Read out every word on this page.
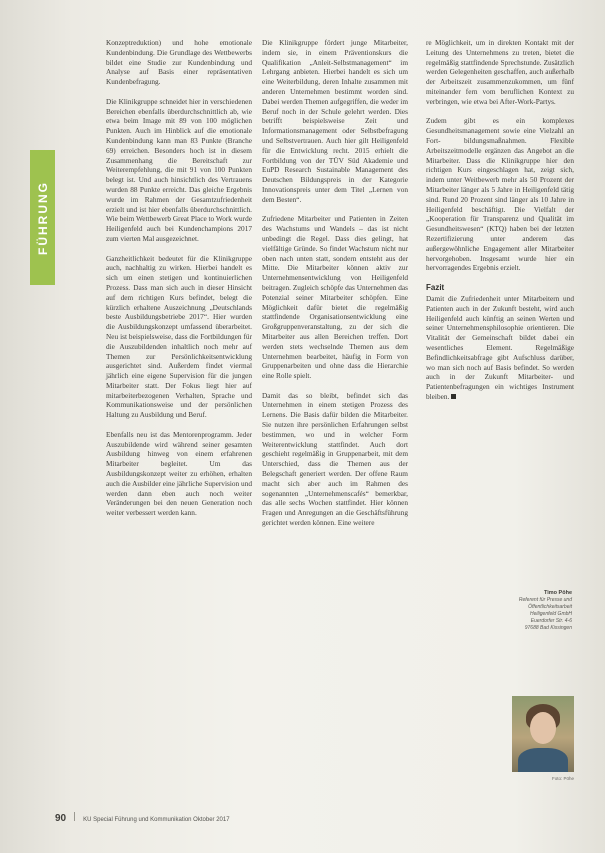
FÜHRUNG

Konzeptreduktion) und hohe emotionale Kundenbindung. Die Grundlage des Wettbewerbs bildet eine Studie zur Kundenbindung und Analyse auf Basis einer repräsentativen Kundenbefragung.

Die Klinikgruppe schneidet hier in verschiedenen Bereichen ebenfalls überdurchschnittlich ab, wie etwa beim Image mit 89 von 100 möglichen Punkten. Auch im Hinblick auf die emotionale Kundenbindung kann man 83 Punkte (Branche 69) erreichen. Besonders hoch ist in diesem Zusammenhang die Bereitschaft zur Weiterempfehlung, die mit 91 von 100 Punkten belegt ist. Und auch hinsichtlich des Vertrauens wurden 88 Punkte erreicht. Das gleiche Ergebnis wurde im Rahmen der Gesamtzufriedenheit erzielt und ist hier ebenfalls überdurchschnittlich. Wie beim Wettbewerb Great Place to Work wurde Heiligenfeld auch bei Kundenchampions 2017 zum vierten Mal ausgezeichnet.

Ganzheitlichkeit bedeutet für die Klinikgruppe auch, nachhaltig zu wirken. Hierbei handelt es sich um einen stetigen und kontinuierlichen Prozess. Dass man sich auch in dieser Hinsicht auf dem richtigen Kurs befindet, belegt die kürzlich erhaltene Auszeichnung „Deutschlands beste Ausbildungsbetriebe 2017“. Hier wurden die Ausbildungskonzept umfassend überarbeitet. Neu ist beispielsweise, dass die Fortbildungen für die Auszubildenden inhaltlich noch mehr auf Themen zur Persönlichkeitsentwicklung ausgerichtet sind. Außerdem findet viermal jährlich eine eigene Supervision für die jungen Mitarbeiter statt. Der Fokus liegt hier auf mitarbeiterbezogenen Verhalten, Sprache und Kommunikationsweise und der persönlichen Haltung zu Ausbildung und Beruf.

Ebenfalls neu ist das Mentorenprogramm. Jeder Auszubildende wird während seiner gesamten Ausbildung hinweg von einem erfahrenen Mitarbeiter begleitet. Um das Ausbildungskonzept weiter zu erhöhen, erhalten auch die Ausbilder eine jährliche Supervision und werden dann eben auch noch weiter Veränderungen bei den neuen Generation noch weiter verbessert werden kann.

Die Klinikgruppe fördert junge Mitarbeiter, indem sie, in einem Präventionskurs die Qualifikation „Anleit-Selbstmanagement“ im Lehrgang anbieten. Hierbei handelt es sich um eine Weiterbildung, deren Inhalte zusammen mit anderen Unternehmen bestimmt worden sind. Dabei werden Themen aufgegriffen, die weder im Beruf noch in der Schule gelehrt werden. Dies betrifft beispielsweise Zeit und Informationsmanagement oder Selbstbefragung und Selbstvertrauen. Auch hier gilt Heiligenfeld für die Entwicklung recht. 2015 erhielt die Fortbildung von der TÜV Süd Akademie und EuPD Research Sustainable Management des Deutschen Bildungspreis in der Kategorie Innovationspreis unter dem Titel „Lernen von dem Besten“.

Zufriedene Mitarbeiter und Patienten in Zeiten des Wachstums und Wandels – das ist nicht unbedingt die Regel. Dass dies gelingt, hat vielfältige Gründe. So findet Wachstum nicht nur oben nach unten statt, sondern entsteht aus der Mitte. Die Mitarbeiter können aktiv zur Unternehmensentwicklung von Heiligenfeld beitragen. Zugleich schöpfe das Unternehmen das Potenzial seiner Mitarbeiter schöpfen. Eine Möglichkeit dafür bietet die regelmäßig stattfindende Organisationsentwicklung eine Großgruppenveranstaltung, zu der sich die Mitarbeiter aus allen Bereichen treffen. Dort werden stets wechselnde Themen aus dem Unternehmen bearbeitet, häufig in Form von Gruppenarbeiten und ohne dass die Hierarchie eine Rolle spielt.

Damit das so bleibt, befindet sich das Unternehmen in einem stetigen Prozess des Lernens. Die Basis dafür bilden die Mitarbeiter. Sie nutzen ihre persönlichen Erfahrungen selbst bestimmen, wo und in welcher Form Weiterentwicklung stattfindet. Auch dort geschieht regelmäßig in Gruppenarbeit, mit dem Unterschied, dass die Themen aus der Belegschaft generiert werden. Der offene Raum macht sich aber auch im Rahmen des sogenannten „Unternehmenscafés“ bemerkbar, das alle sechs Wochen stattfindet. Hier können Fragen und Anregungen an die Geschäftsführung gerichtet werden können. Eine weitere

re Möglichkeit, um in direkten Kontakt mit der Leitung des Unternehmens zu treten, bietet die regelmäßig stattfindende Sprechstunde. Zusätzlich werden Gelegenheiten geschaffen, auch außerhalb der Arbeitszeit zusammenzukommen, um fünf miteinander fern vom beruflichen Kontext zu verbringen, wie etwa bei After-Work-Partys.

Zudem gibt es ein komplexes Gesundheitsmanagement sowie eine Vielzahl an Fort- bildungsmaßnahmen. Flexible Arbeitszeitmodelle ergänzen das Angebot an die Mitarbeiter. Dass die Klinikgruppe hier den richtigen Kurs eingeschlagen hat, zeigt sich, indem unter Weitbewerb mehr als 50 Prozent der Mitarbeiter länger als 5 Jahre in Heiligenfeld tätig sind. Rund 20 Prozent sind länger als 10 Jahre in Heiligenfeld beschäftigt. Die Vielfalt der „Kooperation für Transparenz und Qualität im Gesundheitswesen“ (KTQ) haben bei der letzten Rezertifizierung unter anderem das außergewöhnliche Engagement aller Mitarbeiter hervorgehoben. Insgesamt wurde hier ein hervorragendes Ergebnis erzielt.

Fazit

Damit die Zufriedenheit unter Mitarbeitern und Patienten auch in der Zukunft besteht, wird auch Heiligenfeld auch künftig an seinen Werten und seiner Unternehmensphilosophie orientieren. Die Vitalität der Gemeinschaft bildet dabei ein wesentliches Element. Regelmäßige Befindlichkeitsabfrage gibt Aufschluss darüber, wo man sich noch auf Basis befindet. So werden auch in der Zukunft Mitarbeiter- und Patientenbefragungen ein wichtiges Instrument bleiben.

Timo Pöhe
Referent für Presse und
Öffentlichkeitsarbeit
Heiligenfeld GmbH
Euerdorfer Str. 4-6
97688 Bad Kissingen
Foto: Pöhe
90	KU Special Führung und Kommunikation Oktober 2017
